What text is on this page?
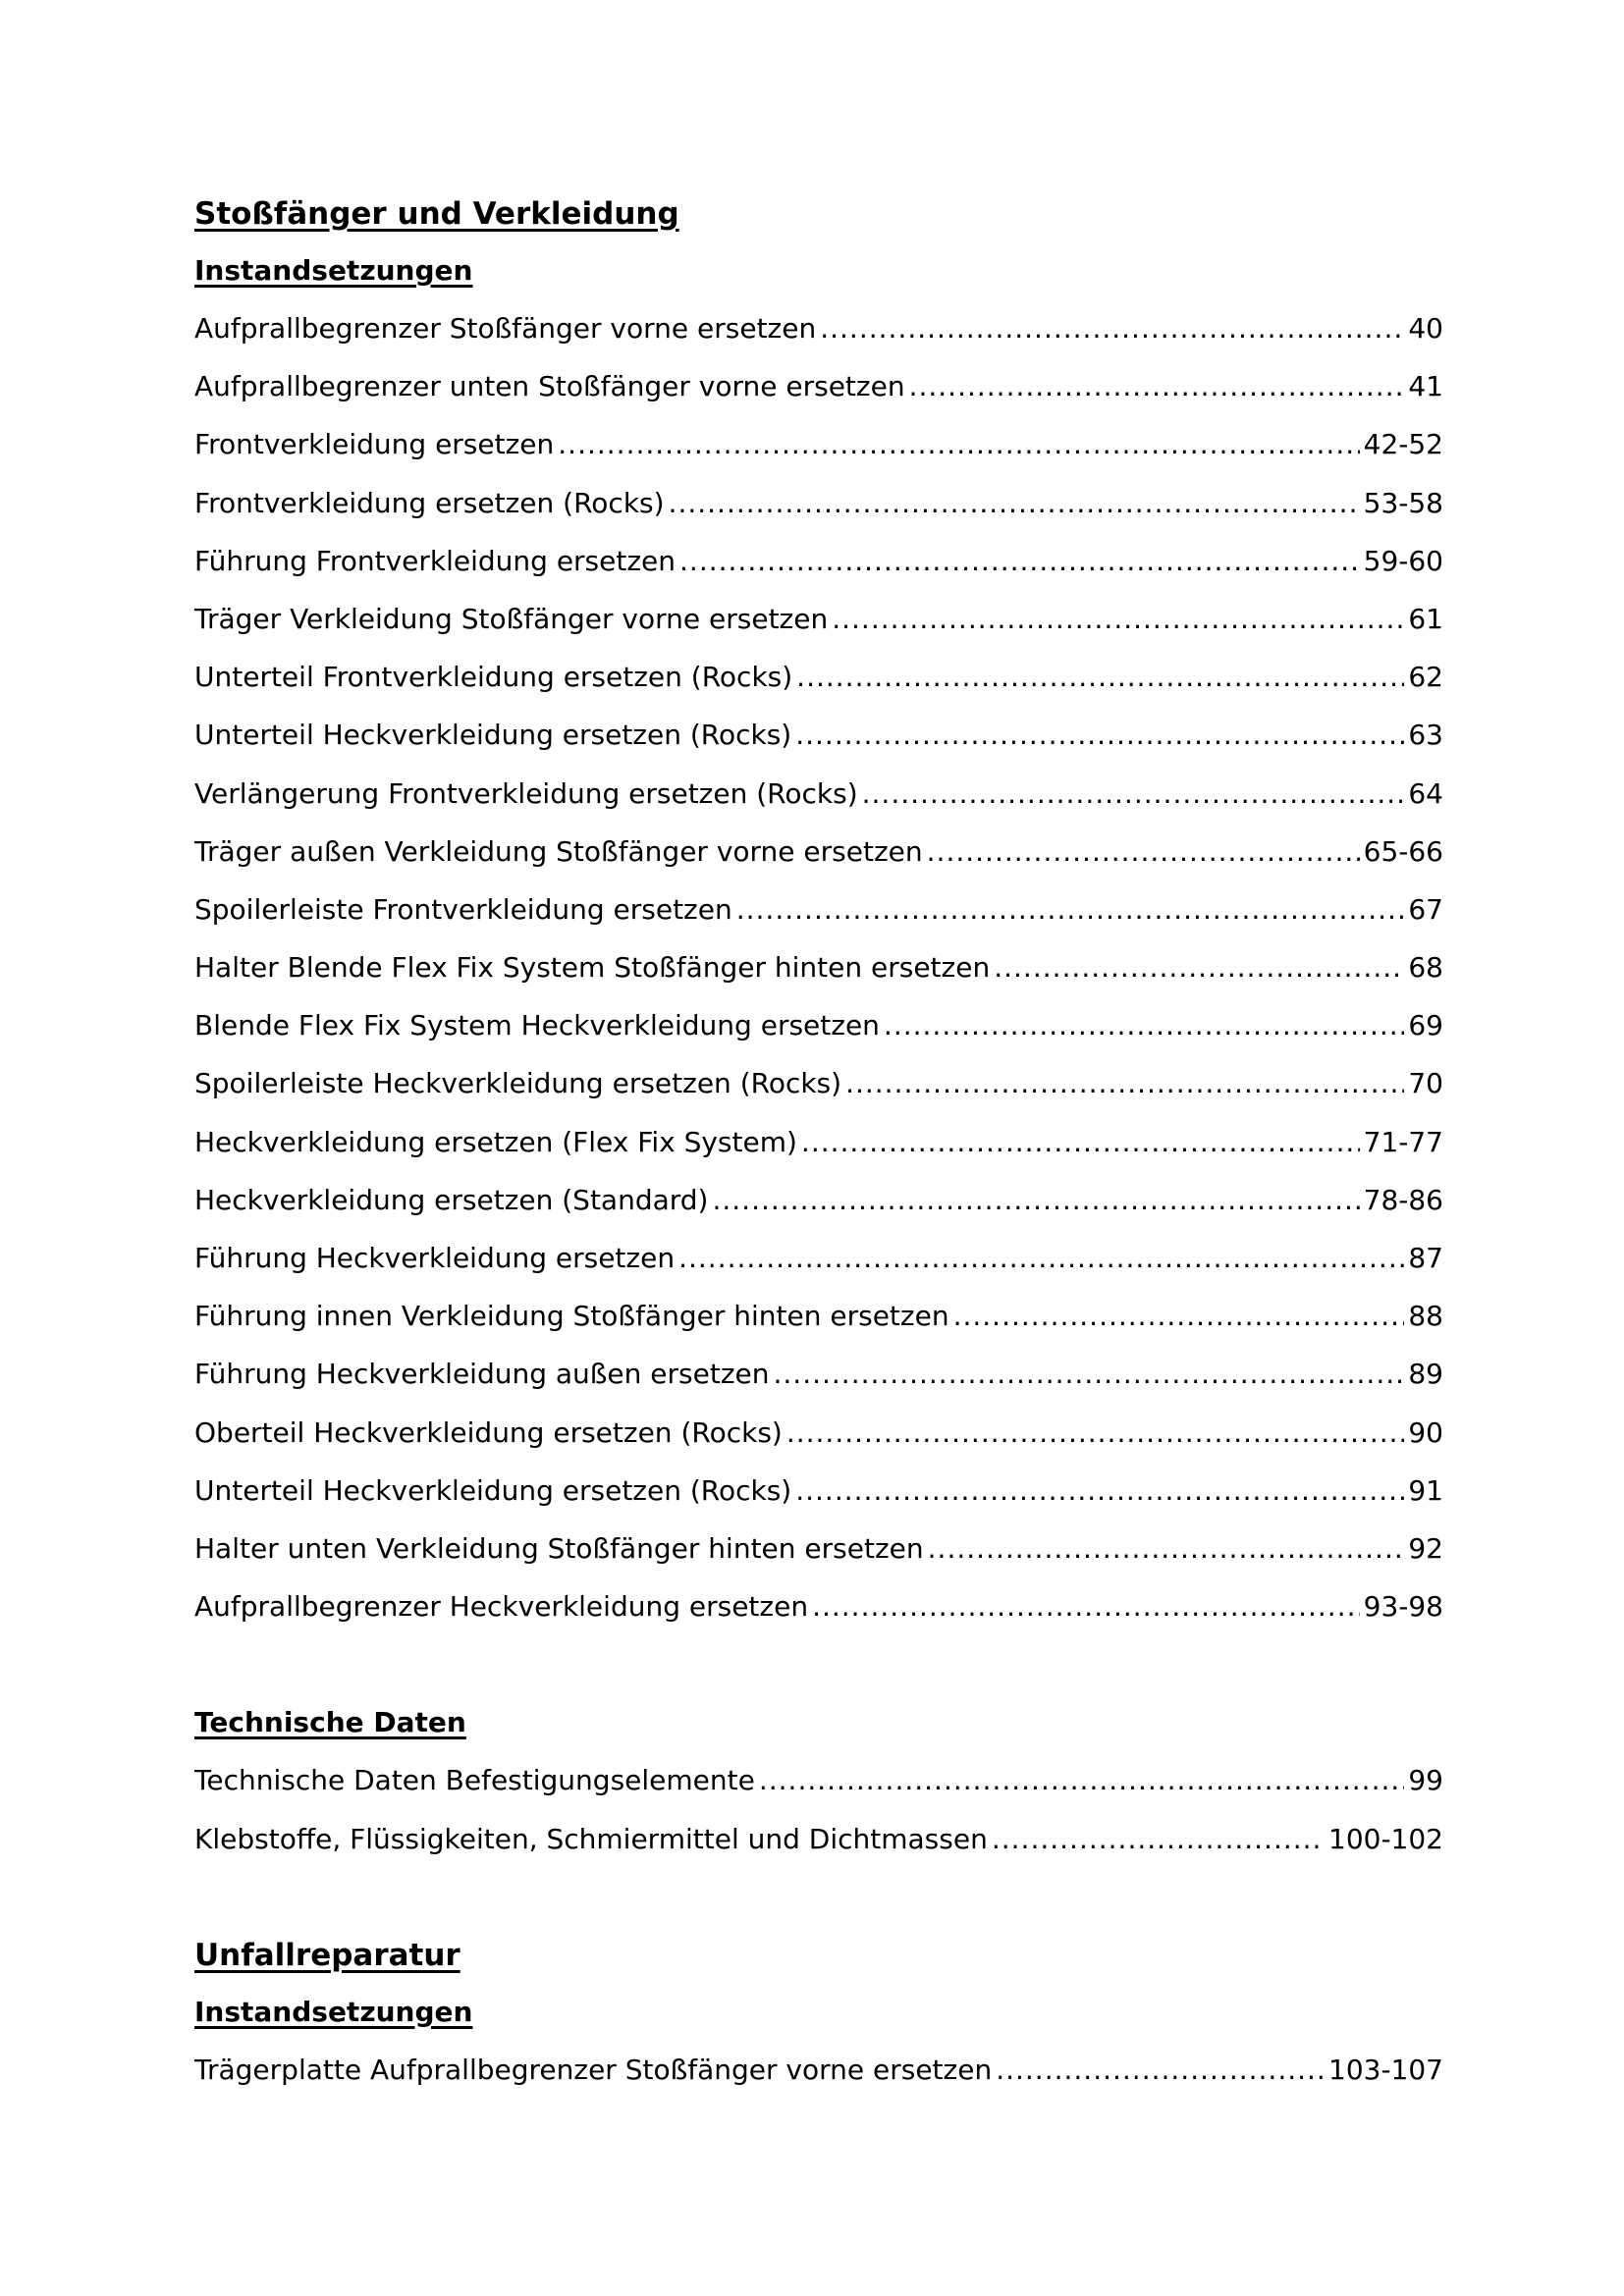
Stoßfänger und Verkleidung
Instandsetzungen
Aufprallbegrenzer Stoßfänger vorne ersetzen .....	40
Aufprallbegrenzer unten Stoßfänger vorne ersetzen .....	41
Frontverkleidung ersetzen .....	42-52
Frontverkleidung ersetzen (Rocks) .....	53-58
Führung Frontverkleidung ersetzen .....	59-60
Träger Verkleidung Stoßfänger vorne ersetzen .....	61
Unterteil Frontverkleidung ersetzen (Rocks) .....	62
Unterteil Heckverkleidung ersetzen (Rocks) .....	63
Verlängerung Frontverkleidung ersetzen (Rocks) .....	64
Träger außen Verkleidung Stoßfänger vorne ersetzen .....	65-66
Spoilerleiste Frontverkleidung ersetzen .....	67
Halter Blende Flex Fix System Stoßfänger hinten ersetzen .....	68
Blende Flex Fix System Heckverkleidung ersetzen .....	69
Spoilerleiste Heckverkleidung ersetzen (Rocks) .....	70
Heckverkleidung ersetzen (Flex Fix System) .....	71-77
Heckverkleidung ersetzen (Standard) .....	78-86
Führung Heckverkleidung ersetzen .....	87
Führung innen Verkleidung Stoßfänger hinten ersetzen .....	88
Führung Heckverkleidung außen ersetzen .....	89
Oberteil Heckverkleidung ersetzen (Rocks) .....	90
Unterteil Heckverkleidung ersetzen (Rocks) .....	91
Halter unten Verkleidung Stoßfänger hinten ersetzen .....	92
Aufprallbegrenzer Heckverkleidung ersetzen .....	93-98
Technische Daten
Technische Daten Befestigungselemente .....	99
Klebstoffe, Flüssigkeiten, Schmiermittel und Dichtmassen .....	100-102
Unfallreparatur
Instandsetzungen
Trägerplatte Aufprallbegrenzer Stoßfänger vorne ersetzen .....	103-107
